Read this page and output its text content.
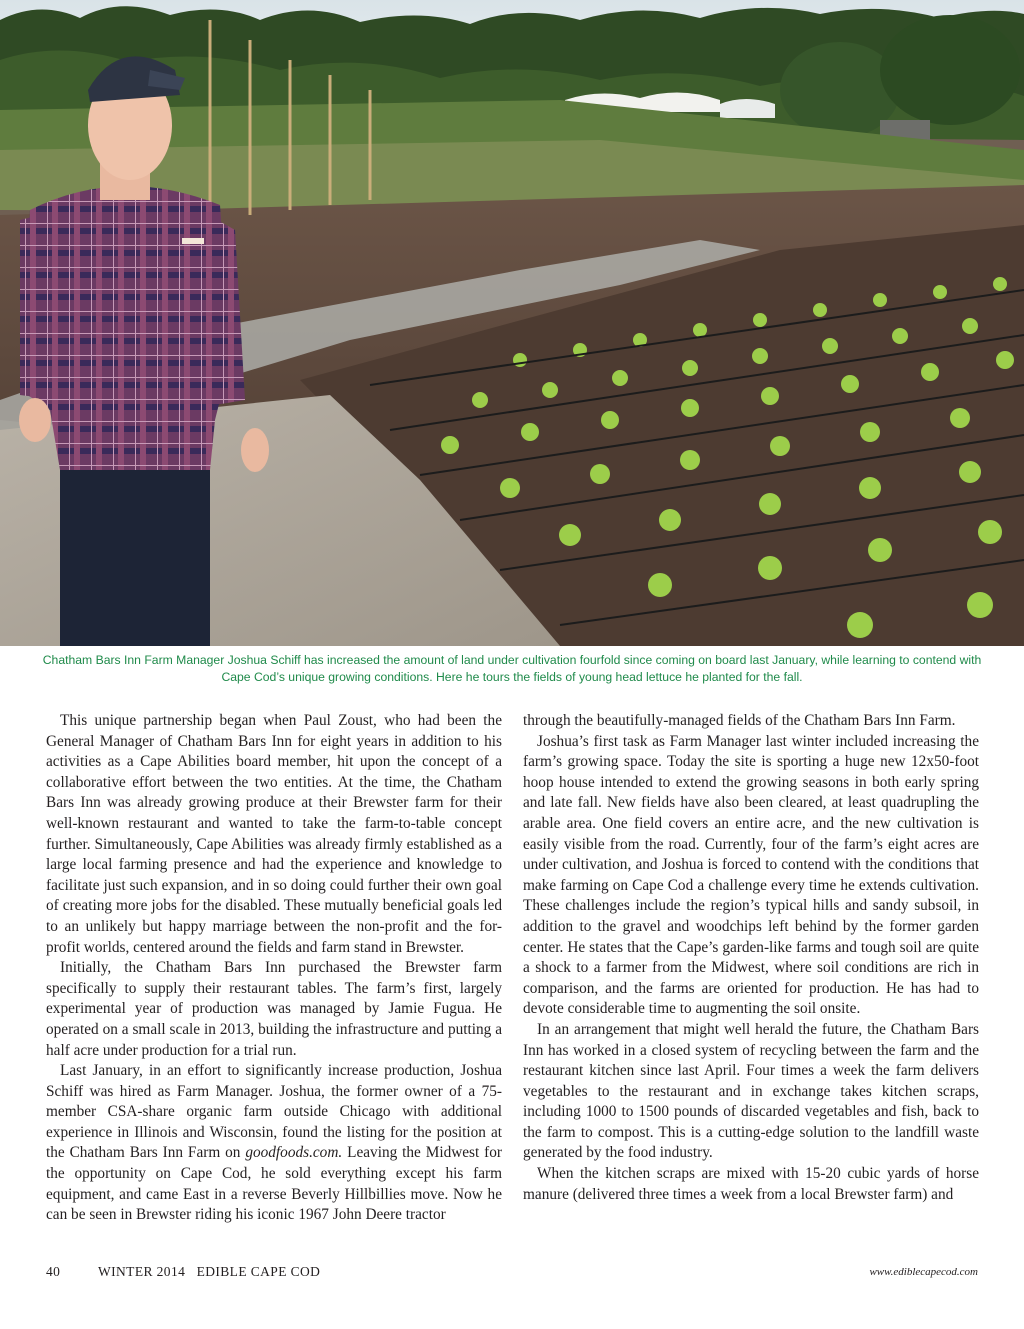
Chatham Bars Inn Farm Manager Joshua Schiff has increased the amount of land under cultivation fourfold since coming on board last January, while learning to contend with
Cape Cod’s unique growing conditions. Here he tours the fields of young head lettuce he planted for the fall.

This unique partnership began when Paul Zoust, who had been the General Manager of Chatham Bars Inn for eight years in addition to his activities as a Cape Abilities board member, hit upon the concept of a collaborative effort between the two entities. At the time, the Chatham Bars Inn was already growing produce at their Brewster farm for their well-known restaurant and wanted to take the farm-to-table concept further. Simultaneously, Cape Abilities was already firmly established as a large local farming presence and had the experience and knowledge to facilitate just such expansion, and in so doing could further their own goal of creating more jobs for the disabled. These mutually beneficial goals led to an unlikely but happy marriage between the non-profit and the for-profit worlds, centered around the fields and farm stand in Brewster.

Initially, the Chatham Bars Inn purchased the Brewster farm specifically to supply their restaurant tables. The farm’s first, largely experimental year of production was managed by Jamie Fugua. He operated on a small scale in 2013, building the infrastructure and putting a half acre under production for a trial run.

Last January, in an effort to significantly increase production, Joshua Schiff was hired as Farm Manager. Joshua, the former owner of a 75-member CSA-share organic farm outside Chicago with additional experience in Illinois and Wisconsin, found the listing for the position at the Chatham Bars Inn Farm on goodfoods.com. Leaving the Midwest for the opportunity on Cape Cod, he sold everything except his farm equipment, and came East in a reverse Beverly Hillbillies move. Now he can be seen in Brewster riding his iconic 1967 John Deere tractor

through the beautifully-managed fields of the Chatham Bars Inn Farm.

Joshua’s first task as Farm Manager last winter included increasing the farm’s growing space. Today the site is sporting a huge new 12x50-foot hoop house intended to extend the growing seasons in both early spring and late fall. New fields have also been cleared, at least quadrupling the arable area. One field covers an entire acre, and the new cultivation is easily visible from the road. Currently, four of the farm’s eight acres are under cultivation, and Joshua is forced to contend with the conditions that make farming on Cape Cod a challenge every time he extends cultivation. These challenges include the region’s typical hills and sandy subsoil, in addition to the gravel and woodchips left behind by the former garden center. He states that the Cape’s garden-like farms and tough soil are quite a shock to a farmer from the Midwest, where soil conditions are rich in comparison, and the farms are oriented for production. He has had to devote considerable time to augmenting the soil onsite.

In an arrangement that might well herald the future, the Chatham Bars Inn has worked in a closed system of recycling between the farm and the restaurant kitchen since last April. Four times a week the farm delivers vegetables to the restaurant and in exchange takes kitchen scraps, including 1000 to 1500 pounds of discarded vegetables and fish, back to the farm to compost. This is a cutting-edge solution to the landfill waste generated by the food industry.

When the kitchen scraps are mixed with 15-20 cubic yards of horse manure (delivered three times a week from a local Brewster farm) and

40	WINTER 2014   EDIBLE CAPE COD	www.ediblecapecod.com
